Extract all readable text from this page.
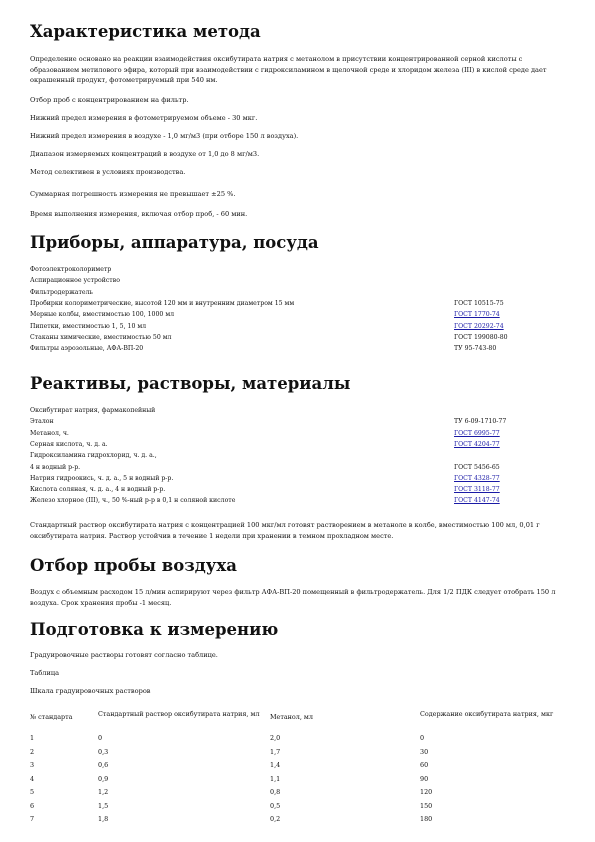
Характеристика метода
Определение основано на реакции взаимодействия оксибутирата натрия с метанолом в присутствии концентрированной серной кислоты с образованием метилового эфира, который при взаимодействии с гидроксиламином в щелочной среде и хлоридом железа (III) в кислой среде дает окрашенный продукт, фотометрируемый при 540 нм.
Отбор проб с концентрированием на фильтр.
Нижний предел измерения в фотометрируемом объеме - 30 мкг.
Нижний предел измерения в воздухе - 1,0 мг/м3 (при отборе 150 л воздуха).
Диапазон измеряемых концентраций в воздухе от 1,0 до 8 мг/м3.
Метод селективен в условиях производства.
Суммарная погрешность измерения не превышает ±25 %.
Время выполнения измерения, включая отбор проб, - 60 мин.
Приборы, аппаратура, посуда
Фотоэлектроколориметр
Аспирационное устройство
Фильтродержатель
Пробирки колориметрические, высотой 120 мм и внутренним диаметром 15 мм	ГОСТ 10515-75
Мерные колбы, вместимостью 100, 1000 мл	ГОСТ 1770-74
Пипетки, вместимостью 1, 5, 10 мл	ГОСТ 20292-74
Стаканы химические, вместимостью 50 мл	ГОСТ 199080-80
Фильтры аэрозольные, АФА-ВП-20	ТУ 95-743-80
Реактивы, растворы, материалы
Оксибутират натрия, фармакопейный
Эталон	ТУ 6-09-1710-77
Метанол, ч.	ГОСТ 6995-77
Серная кислота, ч. д. а.	ГОСТ 4204-77
Гидроксиламина гидрохлорид, ч. д. а.,
4 н водный р-р.	ГОСТ 5456-65
Натрия гидроокись, ч. д. а., 5 н водный р-р.	ГОСТ 4328-77
Кислота соляная, ч. д. а., 4 н водный р-р.	ГОСТ 3118-77
Железо хлорное (III), ч., 50 %-ный р-р в 0,1 н соляной кислоте	ГОСТ 4147-74
Стандартный раствор оксибутирата натрия с концентрацией 100 мкг/мл готовят растворением в метаноле в колбе, вместимостью 100 мл, 0,01 г оксибутирата натрия. Раствор устойчив в течение 1 недели при хранении в темном прохладном месте.
Отбор пробы воздуха
Воздух с объемным расходом 15 л/мин аспирируют через фильтр АФА-ВП-20 помещенный в фильтродержатель. Для 1/2 ПДК следует отобрать 150 л воздуха. Срок хранения пробы -1 месяц.
Подготовка к измерению
Градуировочные растворы готовят согласно таблице.
Таблица
Шкала градуировочных растворов
№ стандарта	Стандартный раствор оксибутирата натрия, мл	Метанол, мл	Содержание оксибутирата натрия, мкг
1	0	2,0	0
2	0,3	1,7	30
3	0,6	1,4	60
4	0,9	1,1	90
5	1,2	0,8	120
6	1,5	0,5	150
7	1,8	0,2	180
